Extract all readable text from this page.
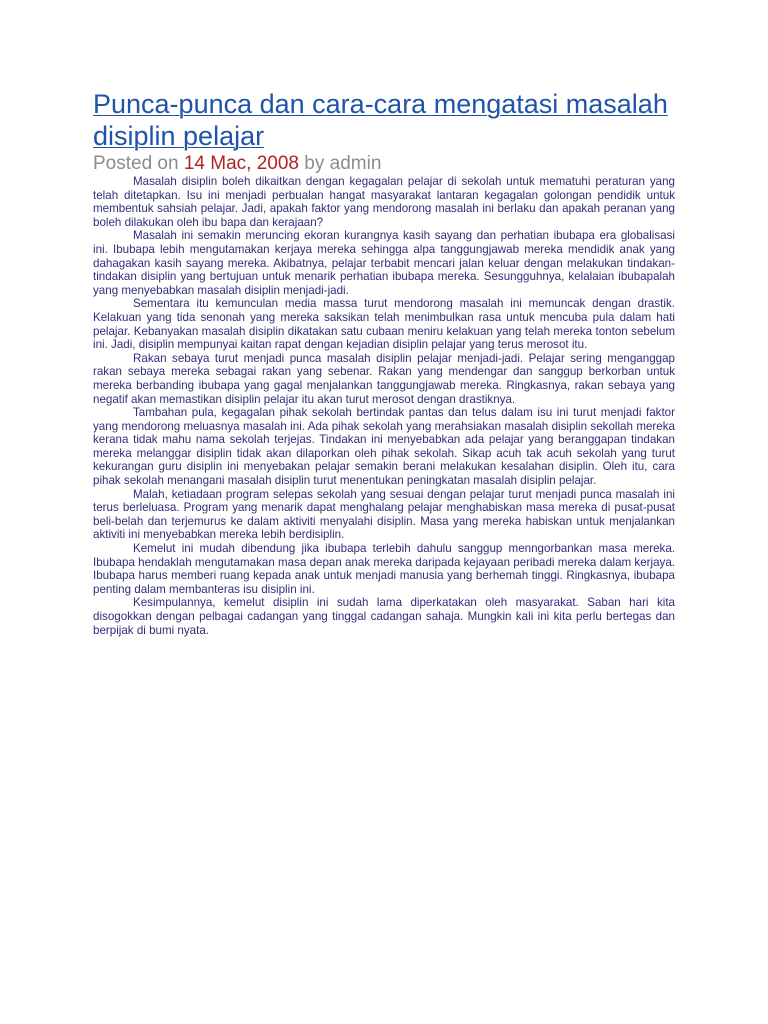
Punca-punca dan cara-cara mengatasi masalah disiplin pelajar
Posted on 14 Mac, 2008 by admin

Masalah disiplin boleh dikaitkan dengan kegagalan pelajar di sekolah untuk mematuhi peraturan yang telah ditetapkan. Isu ini menjadi perbualan hangat masyarakat lantaran kegagalan golongan pendidik untuk membentuk sahsiah pelajar. Jadi, apakah faktor yang mendorong masalah ini berlaku dan apakah peranan yang boleh dilakukan oleh ibu bapa dan kerajaan?

Masalah ini semakin meruncing ekoran kurangnya kasih sayang dan perhatian ibubapa era globalisasi ini. Ibubapa lebih mengutamakan kerjaya mereka sehingga alpa tanggungjawab mereka mendidik anak yang dahagakan kasih sayang mereka. Akibatnya, pelajar terbabit mencari jalan keluar dengan melakukan tindakan-tindakan disiplin yang bertujuan untuk menarik perhatian ibubapa mereka. Sesungguhnya, kelalaian ibubapalah yang menyebabkan masalah disiplin menjadi-jadi.

Sementara itu kemunculan media massa turut mendorong masalah ini memuncak dengan drastik. Kelakuan yang tida senonah yang mereka saksikan telah menimbulkan rasa untuk mencuba pula dalam hati pelajar. Kebanyakan masalah disiplin dikatakan satu cubaan meniru kelakuan yang telah mereka tonton sebelum ini. Jadi, disiplin mempunyai kaitan rapat dengan kejadian disiplin pelajar yang terus merosot itu.

Rakan sebaya turut menjadi punca masalah disiplin pelajar menjadi-jadi. Pelajar sering menganggap rakan sebaya mereka sebagai rakan yang sebenar. Rakan yang mendengar dan sanggup berkorban untuk mereka berbanding ibubapa yang gagal menjalankan tanggungjawab mereka. Ringkasnya, rakan sebaya yang negatif akan memastikan disiplin pelajar itu akan turut merosot dengan drastiknya.

Tambahan pula, kegagalan pihak sekolah bertindak pantas dan telus dalam isu ini turut menjadi faktor yang mendorong meluasnya masalah ini. Ada pihak sekolah yang merahsiakan masalah disiplin sekollah mereka kerana tidak mahu nama sekolah terjejas. Tindakan ini menyebabkan ada pelajar yang beranggapan tindakan mereka melanggar disiplin tidak akan dilaporkan oleh pihak sekolah. Sikap acuh tak acuh sekolah yang turut kekurangan guru disiplin ini menyebakan pelajar semakin berani melakukan kesalahan disiplin. Oleh itu, cara pihak sekolah menangani masalah disiplin turut menentukan peningkatan masalah disiplin pelajar.

Malah, ketiadaan program selepas sekolah yang sesuai dengan pelajar turut menjadi punca masalah ini terus berleluasa. Program yang menarik dapat menghalang pelajar menghabiskan masa mereka di pusat-pusat beli-belah dan terjemurus ke dalam aktiviti menyalahi disiplin. Masa yang mereka habiskan untuk menjalankan aktiviti ini menyebabkan mereka lebih berdisiplin.

Kemelut ini mudah dibendung jika ibubapa terlebih dahulu sanggup menngorbankan masa mereka. Ibubapa hendaklah mengutamakan masa depan anak mereka daripada kejayaan peribadi mereka dalam kerjaya. Ibubapa harus memberi ruang kepada anak untuk menjadi manusia yang berhemah tinggi. Ringkasnya, ibubapa penting dalam membanteras isu disiplin ini.

Kesimpulannya, kemelut disiplin ini sudah lama diperkatakan oleh masyarakat. Saban hari kita disogokkan dengan pelbagai cadangan yang tinggal cadangan sahaja. Mungkin kali ini kita perlu bertegas dan berpijak di bumi nyata.
